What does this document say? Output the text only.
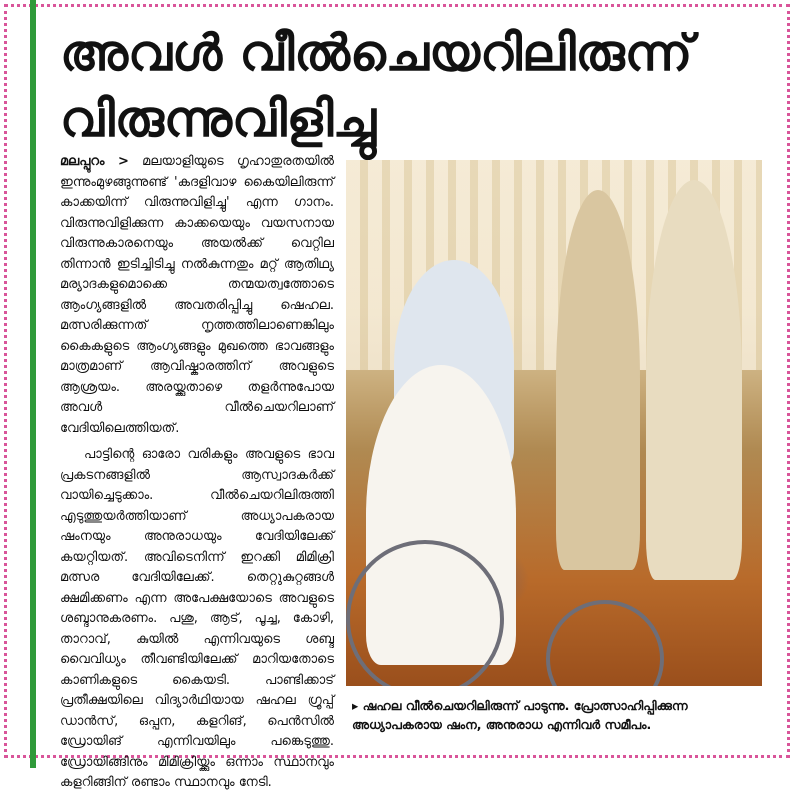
അവൾ വീൽചെയറിലിരുന്ന് വിരുന്നുവിളിച്ചു

മലപ്പുറം > മലയാളിയുടെ ഗൃഹാതുരതയിൽ ഇന്നുംമുഴങ്ങുന്നുണ്ട് 'കദളിവാഴ കൈയിലിരുന്ന് കാക്കയിന്ന് വിരുന്നുവിളിച്ചു' എന്ന ഗാനം. വിരുന്നുവിളിക്കുന്ന കാക്കയെയും വയസനായ വിരുന്നുകാരനെയും അയൽക്ക് വെറ്റില തിന്നാൻ ഇടിച്ചിടിച്ചു നൽകുന്നതും മറ്റ് ആതിഥ്യ മര്യാദകളുമൊക്കെ തന്മയത്വത്തോടെ ആംഗ്യങ്ങളിൽ അവതരിപ്പിച്ചു ഷെഹല. മത്സരിക്കുന്നത് നൃത്തത്തിലാണെങ്കിലും കൈകളുടെ ആംഗ്യങ്ങളും മുഖത്തെ ഭാവങ്ങളും മാത്രമാണ് ആവിഷ്കാരത്തിന് അവളുടെ ആശ്രയം. അരയ്ക്കുതാഴെ തളർന്നുപോയ അവൾ വീൽചെയറിലാണ് വേദിയിലെത്തിയത്.

പാട്ടിന്റെ ഓരോ വരികളും അവളുടെ ഭാവ പ്രകടനങ്ങളിൽ ആസ്വാദകർക്ക് വായിച്ചെടുക്കാം. വീൽചെയറിലിരുത്തി എടുത്തുയർത്തിയാണ് അധ്യാപകരായ ഷംനയും അനുരാധയും വേദിയിലേക്ക് കയറ്റിയത്. അവിടെനിന്ന് ഇറക്കി മിമിക്രി മത്സര വേദിയിലേക്ക്. തെറ്റുകുറ്റങ്ങൾ ക്ഷമിക്കണം എന്ന അപേക്ഷയോടെ അവളുടെ ശബ്ദാനുകരണം. പശു, ആട്, പൂച്ച, കോഴി, താറാവ്, കുയിൽ എന്നിവയുടെ ശബ്ദ വൈവിധ്യം തീവണ്ടിയിലേക്ക് മാറിയതോടെ കാണികളുടെ കൈയടി. പാണ്ടിക്കാട് പ്രതീക്ഷയിലെ വിദ്യാർഥിയായ ഷഹല ഗ്രൂപ്പ് ഡാൻസ്, ഒപ്പന, കളറിങ്, പെൻസിൽ ഡ്രോയിങ് എന്നിവയിലും പങ്കെടുത്തു. ഡ്രോയിങ്ങിനും മിമിക്രിയ്ക്കും ഒന്നാം സ്ഥാനവും കളറിങ്ങിന് രണ്ടാം സ്ഥാനവും നേടി.

▸ ഷഹല വീൽചെയറിലിരുന്ന് പാടുന്നു. പ്രോത്സാഹിപ്പിക്കുന്ന അധ്യാപകരായ ഷംന, അനുരാധ എന്നിവർ സമീപം.
